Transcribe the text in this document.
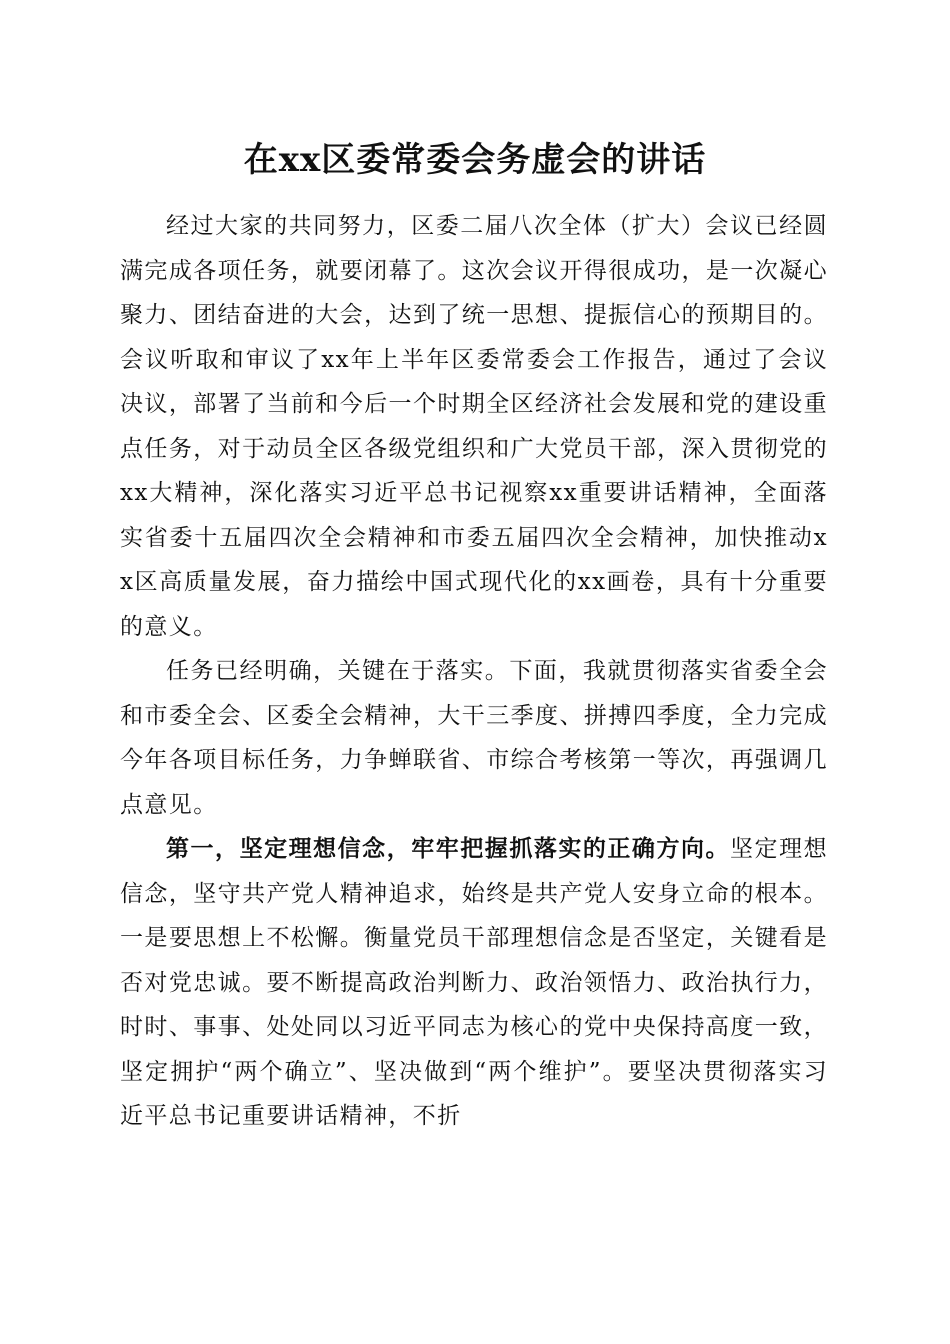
在xx区委常委会务虚会的讲话

经过大家的共同努力，区委二届八次全体（扩大）会议已经圆满完成各项任务，就要闭幕了。这次会议开得很成功，是一次凝心聚力、团结奋进的大会，达到了统一思想、提振信心的预期目的。会议听取和审议了xx年上半年区委常委会工作报告，通过了会议决议，部署了当前和今后一个时期全区经济社会发展和党的建设重点任务，对于动员全区各级党组织和广大党员干部，深入贯彻党的xx大精神，深化落实习近平总书记视察xx重要讲话精神，全面落实省委十五届四次全会精神和市委五届四次全会精神，加快推动xx区高质量发展，奋力描绘中国式现代化的xx画卷，具有十分重要的意义。

任务已经明确，关键在于落实。下面，我就贯彻落实省委全会和市委全会、区委全会精神，大干三季度、拼搏四季度，全力完成今年各项目标任务，力争蝉联省、市综合考核第一等次，再强调几点意见。

第一，坚定理想信念，牢牢把握抓落实的正确方向。坚定理想信念，坚守共产党人精神追求，始终是共产党人安身立命的根本。一是要思想上不松懈。衡量党员干部理想信念是否坚定，关键看是否对党忠诚。要不断提高政治判断力、政治领悟力、政治执行力，时时、事事、处处同以习近平同志为核心的党中央保持高度一致，坚定拥护“两个确立”、坚决做到“两个维护”。要坚决贯彻落实习近平总书记重要讲话精神，不折
